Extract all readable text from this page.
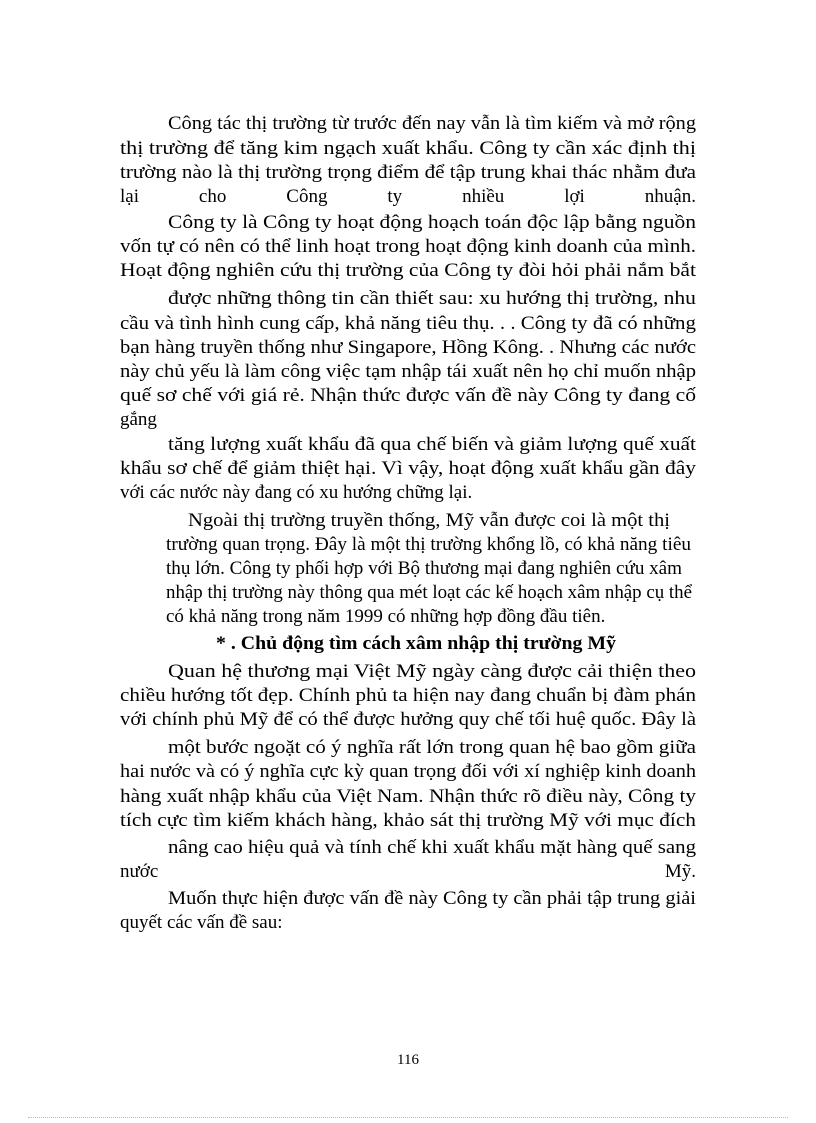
Công tác thị trường từ trước đến nay vẫn là tìm kiếm và mở rộng

thị trường để tăng kim ngạch xuất khẩu. Công ty cần xác định thị

trường nào là thị trường trọng điểm để tập trung khai thác nhằm đưa

lại	cho	Công	ty	nhiều	lợi	nhuận.

Công ty là Công ty hoạt động hoạch toán độc lập bằng nguồn

vốn tự có nên có thể linh hoạt trong hoạt động kinh doanh của mình.

Hoạt động nghiên cứu thị trường của Công ty đòi hỏi phải nắm bắt

được những thông tin cần thiết sau: xu hướng thị trường, nhu

cầu và tình hình cung cấp, khả năng tiêu thụ. . . Công ty đã có những

bạn hàng truyền thống như Singapore, Hồng Kông. . Nhưng các nước

này chủ yếu là làm công việc tạm nhập tái xuất nên họ chỉ muốn nhập

quế sơ chế với giá rẻ. Nhận thức được vấn đề này Công ty đang cố

gắng

tăng lượng xuất khẩu đã qua chế biến và giảm lượng quế xuất

khẩu sơ chế để giảm thiệt hại. Vì vậy, hoạt động xuất khẩu gần đây

với các nước này đang có xu hướng chững lại.

Ngoài thị trường truyền thống, Mỹ vẫn được coi là một thị

trường quan trọng. Đây là một thị trường khổng lồ, có khả năng tiêu

thụ lớn. Công ty phối hợp với Bộ thương mại đang nghiên cứu xâm

nhập thị trường này thông qua mét loạt các kế hoạch xâm nhập cụ thể

có khả năng trong năm 1999 có những hợp đồng đầu tiên.

* . Chủ động tìm cách xâm nhập thị trường Mỹ

Quan hệ thương mại Việt Mỹ ngày càng được cải thiện theo

chiều hướng tốt đẹp. Chính phủ ta hiện nay đang chuẩn bị đàm phán

với chính phủ Mỹ để có thể được hưởng quy chế tối huệ quốc. Đây là

một bước ngoặt có ý nghĩa rất lớn trong quan hệ bao gồm giữa

hai nước và có ý nghĩa cực kỳ quan trọng đối với xí nghiệp kinh doanh

hàng xuất nhập khẩu của Việt Nam. Nhận thức rõ điều này, Công ty

tích cực tìm kiếm khách hàng, khảo sát thị trường Mỹ với mục đích

nâng cao hiệu quả và tính chế khi xuất khẩu mặt hàng quế sang

nước	Mỹ.

Muốn thực hiện được vấn đề này Công ty cần phải tập trung giải

quyết các vấn đề sau:

116
